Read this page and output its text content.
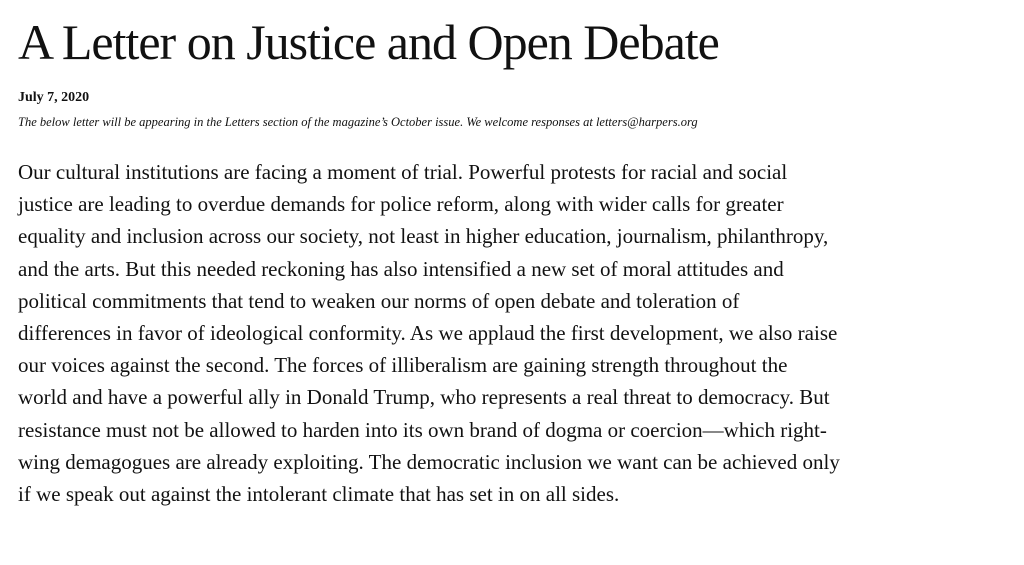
A Letter on Justice and Open Debate
July 7, 2020
The below letter will be appearing in the Letters section of the magazine’s October issue. We welcome responses at letters@harpers.org
Our cultural institutions are facing a moment of trial. Powerful protests for racial and social
justice are leading to overdue demands for police reform, along with wider calls for greater
equality and inclusion across our society, not least in higher education, journalism, philanthropy,
and the arts. But this needed reckoning has also intensified a new set of moral attitudes and
political commitments that tend to weaken our norms of open debate and toleration of
differences in favor of ideological conformity. As we applaud the first development, we also raise
our voices against the second. The forces of illiberalism are gaining strength throughout the
world and have a powerful ally in Donald Trump, who represents a real threat to democracy. But
resistance must not be allowed to harden into its own brand of dogma or coercion—which right-
wing demagogues are already exploiting. The democratic inclusion we want can be achieved only
if we speak out against the intolerant climate that has set in on all sides.
